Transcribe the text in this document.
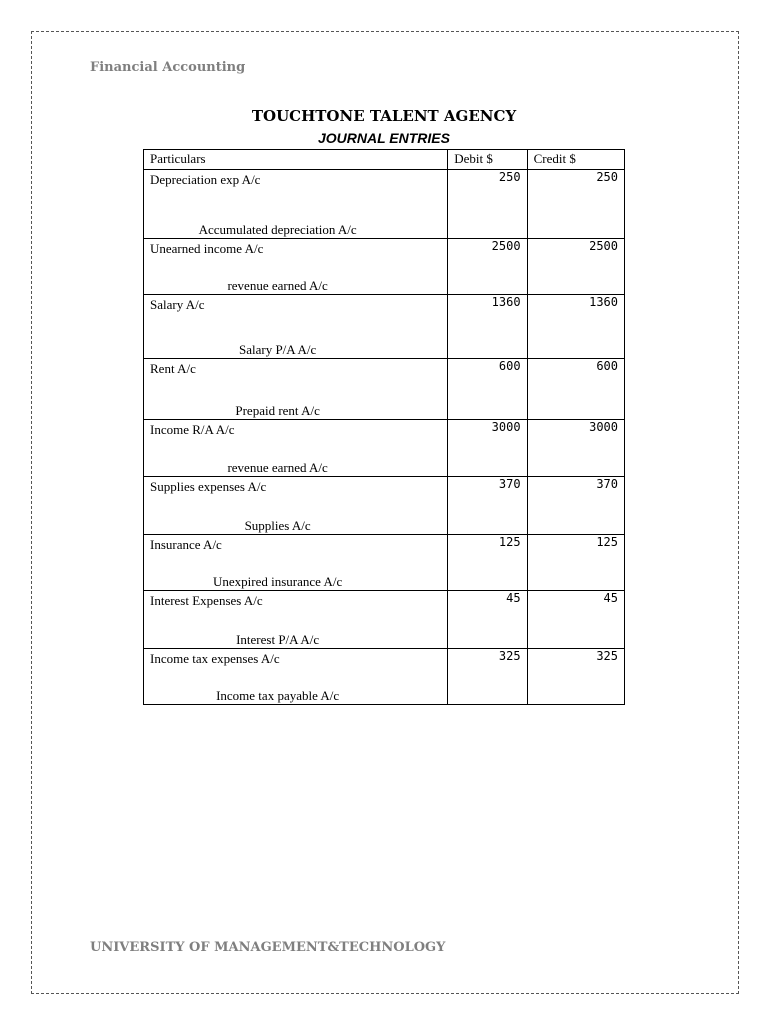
Financial Accounting
TOUCHTONE TALENT AGENCY
JOURNAL ENTRIES
Particulars	Debit $	Credit $

Depreciation exp A/c
Accumulated depreciation A/c	250	250

Unearned income A/c
revenue earned A/c	2500	2500

Salary A/c
Salary P/A A/c	1360	1360

Rent A/c
Prepaid rent A/c	600	600

Income R/A A/c
revenue earned A/c	3000	3000

Supplies expenses A/c
Supplies A/c	370	370

Insurance A/c
Unexpired insurance A/c	125	125

Interest Expenses A/c
Interest P/A A/c	45	45

Income tax expenses A/c
Income tax payable A/c	325	325
UNIVERSITY OF MANAGEMENT&TECHNOLOGY
